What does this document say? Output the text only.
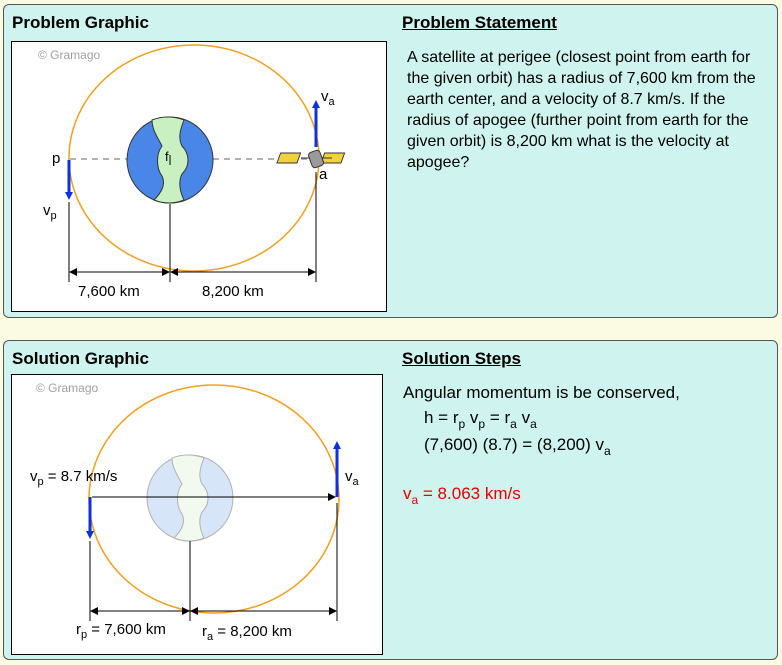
Problem Graphic	Problem Statement
© Gramago
p
a
f
$v_p$
$v_a$
7,600 km	8,200 km
A satellite at perigee (closest point from earth for the given orbit) has a radius of 7,600 km from the earth center, and a velocity of 8.7 km/s. If the radius of apogee (further point from earth for the given orbit) is 8,200 km what is the velocity at apogee?
Solution Graphic	Solution Steps
© Gramago
$v_p = 8.7$ km/s	$v_a$
$r_p = 7,600$ km $r_a = 8,200$ km
Angular momentum is be conserved,
$h = r_p$ $v_p = r_a$ $v_a$
(7,600) (8.7) = (8,200) $v_a$
$v_a = 8.063$ km/s
